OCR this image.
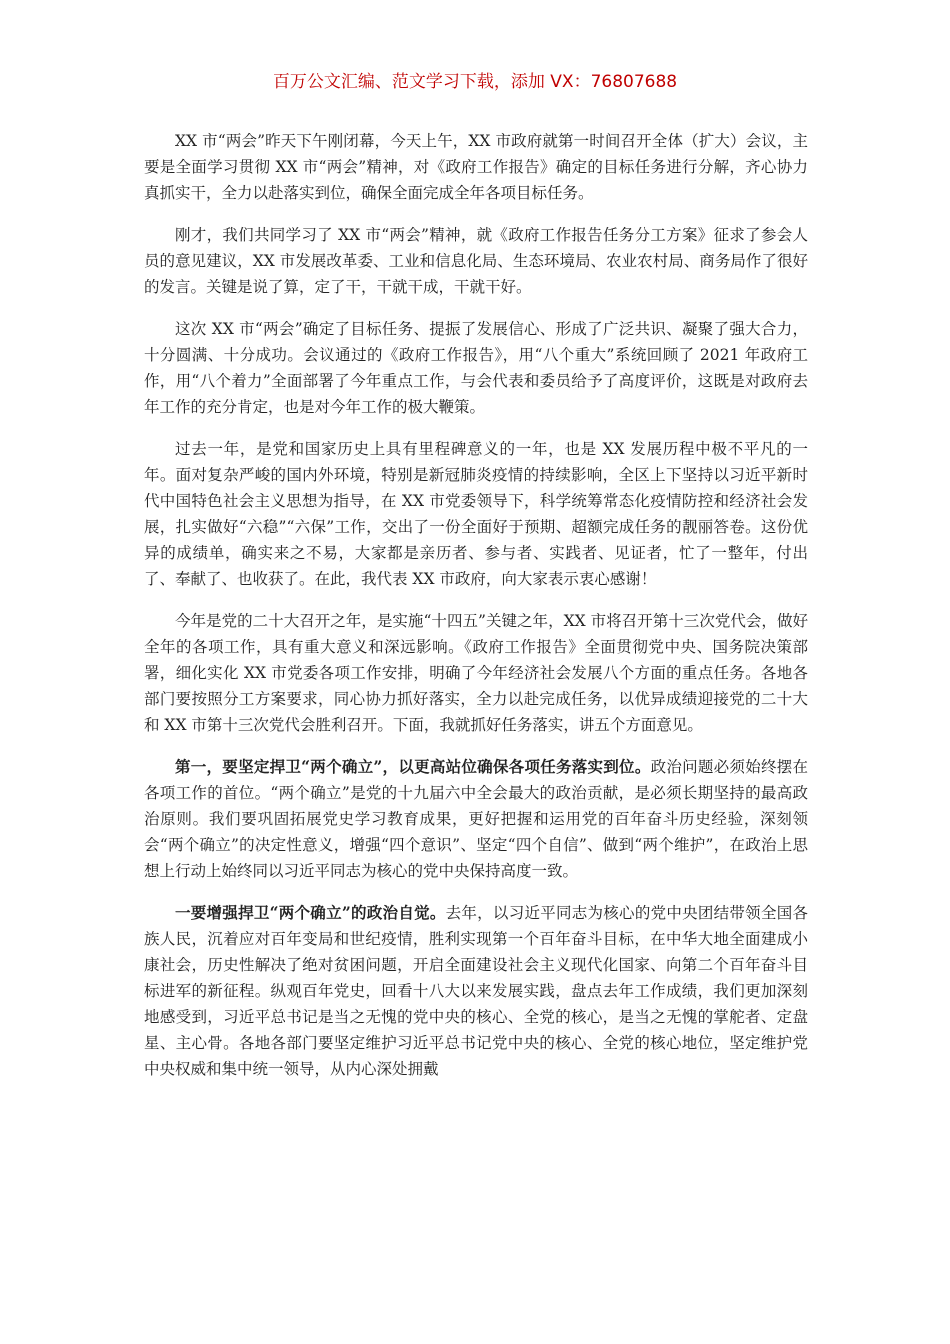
百万公文汇编、范文学习下载，添加 VX：76807688

XX 市“两会”昨天下午刚闭幕，今天上午，XX 市政府就第一时间召开全体（扩大）会议，主要是全面学习贯彻 XX 市“两会”精神，对《政府工作报告》确定的目标任务进行分解，齐心协力真抓实干，全力以赴落实到位，确保全面完成全年各项目标任务。

刚才，我们共同学习了 XX 市“两会”精神，就《政府工作报告任务分工方案》征求了参会人员的意见建议，XX 市发展改革委、工业和信息化局、生态环境局、农业农村局、商务局作了很好的发言。关键是说了算，定了干，干就干成，干就干好。

这次 XX 市“两会”确定了目标任务、提振了发展信心、形成了广泛共识、凝聚了强大合力，十分圆满、十分成功。会议通过的《政府工作报告》，用“八个重大”系统回顾了 2021 年政府工作，用“八个着力”全面部署了今年重点工作，与会代表和委员给予了高度评价，这既是对政府去年工作的充分肯定，也是对今年工作的极大鞭策。

过去一年，是党和国家历史上具有里程碑意义的一年，也是 XX 发展历程中极不平凡的一年。面对复杂严峻的国内外环境，特别是新冠肺炎疫情的持续影响，全区上下坚持以习近平新时代中国特色社会主义思想为指导，在 XX 市党委领导下，科学统筹常态化疫情防控和经济社会发展，扎实做好“六稳”“六保”工作，交出了一份全面好于预期、超额完成任务的靓丽答卷。这份优异的成绩单，确实来之不易，大家都是亲历者、参与者、实践者、见证者，忙了一整年，付出了、奉献了、也收获了。在此，我代表 XX 市政府，向大家表示衷心感谢！

今年是党的二十大召开之年，是实施“十四五”关键之年，XX 市将召开第十三次党代会，做好全年的各项工作，具有重大意义和深远影响。《政府工作报告》全面贯彻党中央、国务院决策部署，细化实化 XX 市党委各项工作安排，明确了今年经济社会发展八个方面的重点任务。各地各部门要按照分工方案要求，同心协力抓好落实，全力以赴完成任务，以优异成绩迎接党的二十大和 XX 市第十三次党代会胜利召开。下面，我就抓好任务落实，讲五个方面意见。

第一，要坚定捍卫“两个确立”，以更高站位确保各项任务落实到位。政治问题必须始终摆在各项工作的首位。“两个确立”是党的十九届六中全会最大的政治贡献，是必须长期坚持的最高政治原则。我们要巩固拓展党史学习教育成果，更好把握和运用党的百年奋斗历史经验，深刻领会“两个确立”的决定性意义，增强“四个意识”、坚定“四个自信”、做到“两个维护”，在政治上思想上行动上始终同以习近平同志为核心的党中央保持高度一致。

一要增强捍卫“两个确立”的政治自觉。去年，以习近平同志为核心的党中央团结带领全国各族人民，沉着应对百年变局和世纪疫情，胜利实现第一个百年奋斗目标，在中华大地全面建成小康社会，历史性解决了绝对贫困问题，开启全面建设社会主义现代化国家、向第二个百年奋斗目标进军的新征程。纵观百年党史，回看十八大以来发展实践，盘点去年工作成绩，我们更加深刻地感受到，习近平总书记是当之无愧的党中央的核心、全党的核心，是当之无愧的掌舵者、定盘星、主心骨。各地各部门要坚定维护习近平总书记党中央的核心、全党的核心地位，坚定维护党中央权威和集中统一领导，从内心深处拥戴
